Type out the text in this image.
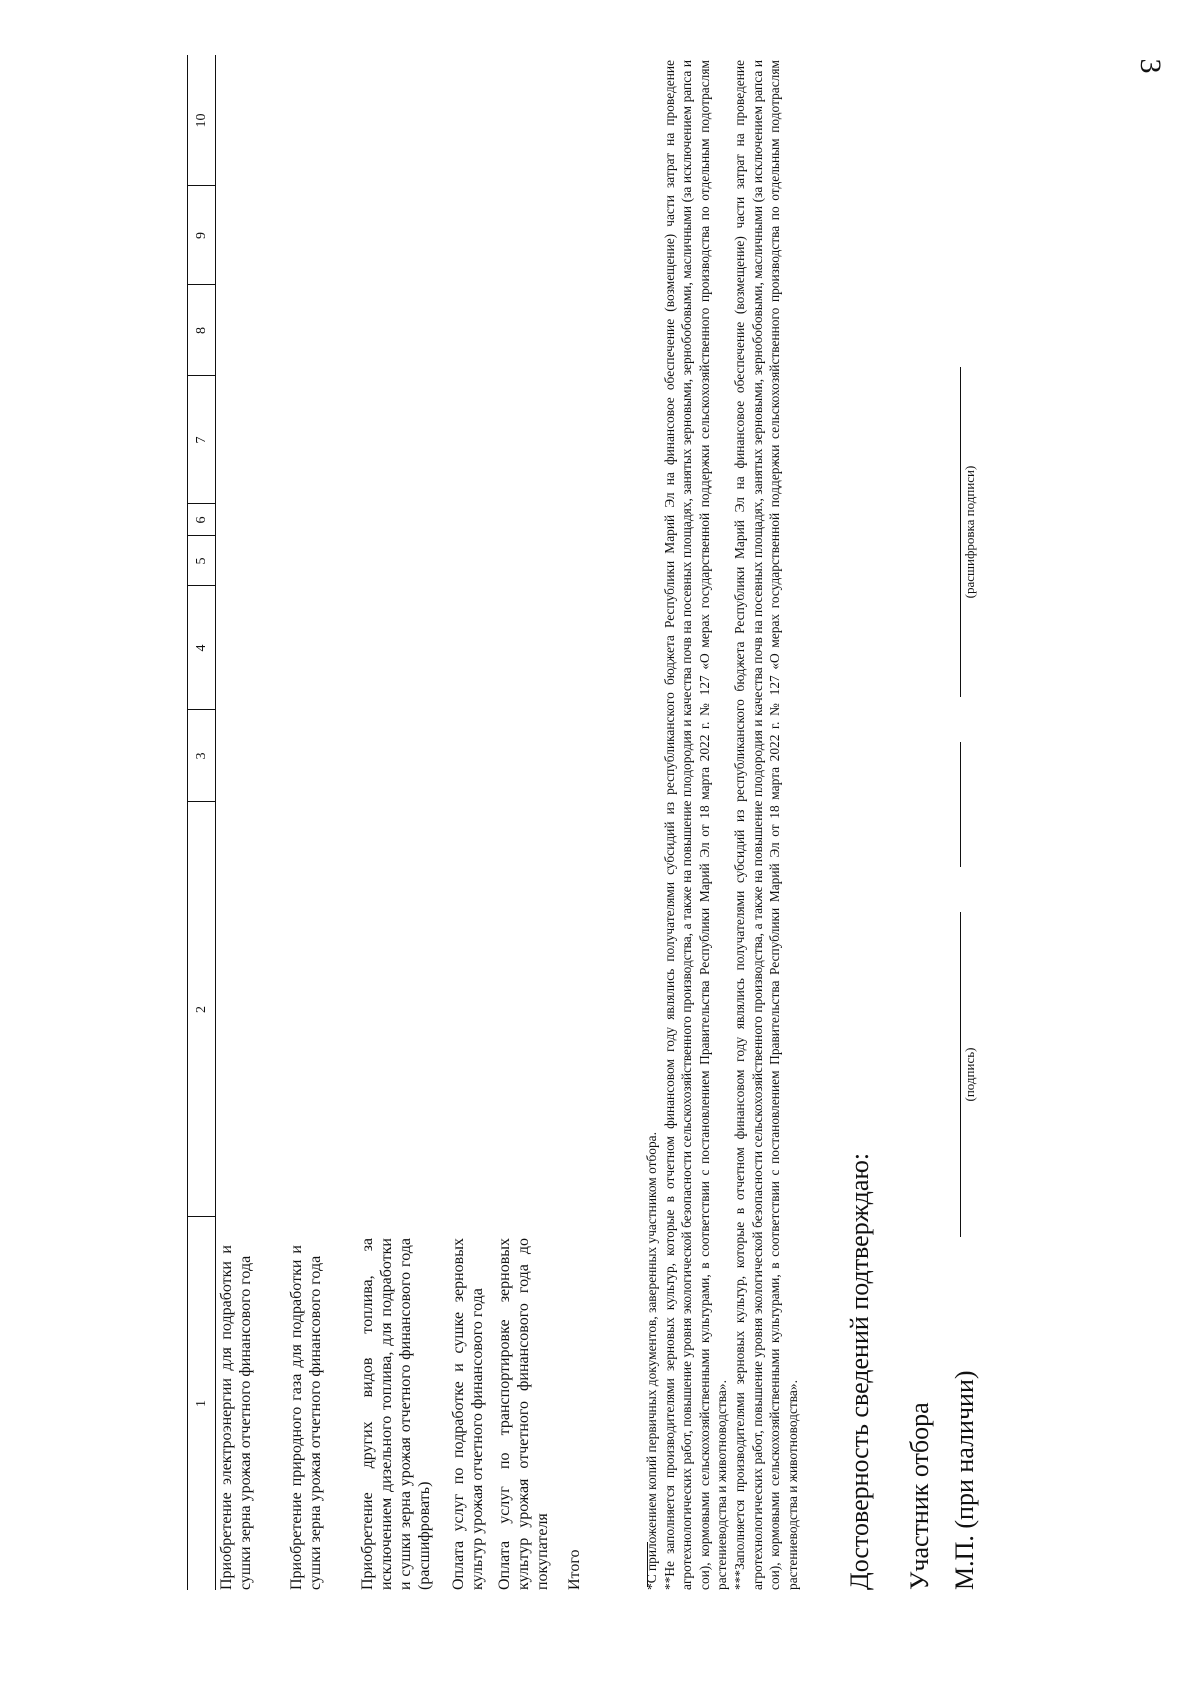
3
1
2
3
4
5
6
7
8
9
10
Приобретение электроэнергии для подработки и сушки зерна урожая отчетного финансового года Приобретение природного газа для подработки и сушки зерна урожая отчетного финансового года Приобретение других видов топлива, за исключением дизельного топлива, для подработки и сушки зерна урожая отчетного финансового года (расшифровать) Оплата услуг по подработке и сушке зерновых культур урожая отчетного финансового года Оплата услуг по транспортировке зерновых культур урожая отчетного финансового года до покупателя Итого	*С приложением копий первичных документов, заверенных участником отбора. **Не заполняется производителями зерновых культур, которые в отчетном финансовом году являлись получателями субсидий из республиканского бюджета Республики Марий Эл на финансовое обеспечение (возмещение) части затрат на проведение агротехнологических работ, повышение уровня экологической безопасности сельскохозяйственного производства, а также на повышение плодородия и качества почв на посевных площадях, занятых зерновыми, зернобобовыми, масличными (за исключением рапса и сои), кормовыми сельскохозяйственными культурами, в соответствии с постановлением Правительства Республики Марий Эл от 18 марта 2022 г. № 127 «О мерах государственной поддержки сельскохозяйственного производства по отдельным подотраслям растениеводства и животноводства». ***Заполняется производителями зерновых культур, которые в отчетном финансовом году являлись получателями субсидий из республиканского бюджета Республики Марий Эл на финансовое обеспечение (возмещение) части затрат на проведение агротехнологических работ, повышение уровня экологической безопасности сельскохозяйственного производства, а также на повышение плодородия и качества почв на посевных площадях, занятых зерновыми, зернобобовыми, масличными (за исключением рапса и сои), кормовыми сельскохозяйственными культурами, в соответствии с постановлением Правительства Республики Марий Эл от 18 марта 2022 г. № 127 «О мерах государственной поддержки сельскохозяйственного производства по отдельным подотраслям растениеводства и животноводства». Достоверность сведений подтверждаю: Участник отбора М.П. (при наличии)
(подпись)
(расшифровка подписи)
